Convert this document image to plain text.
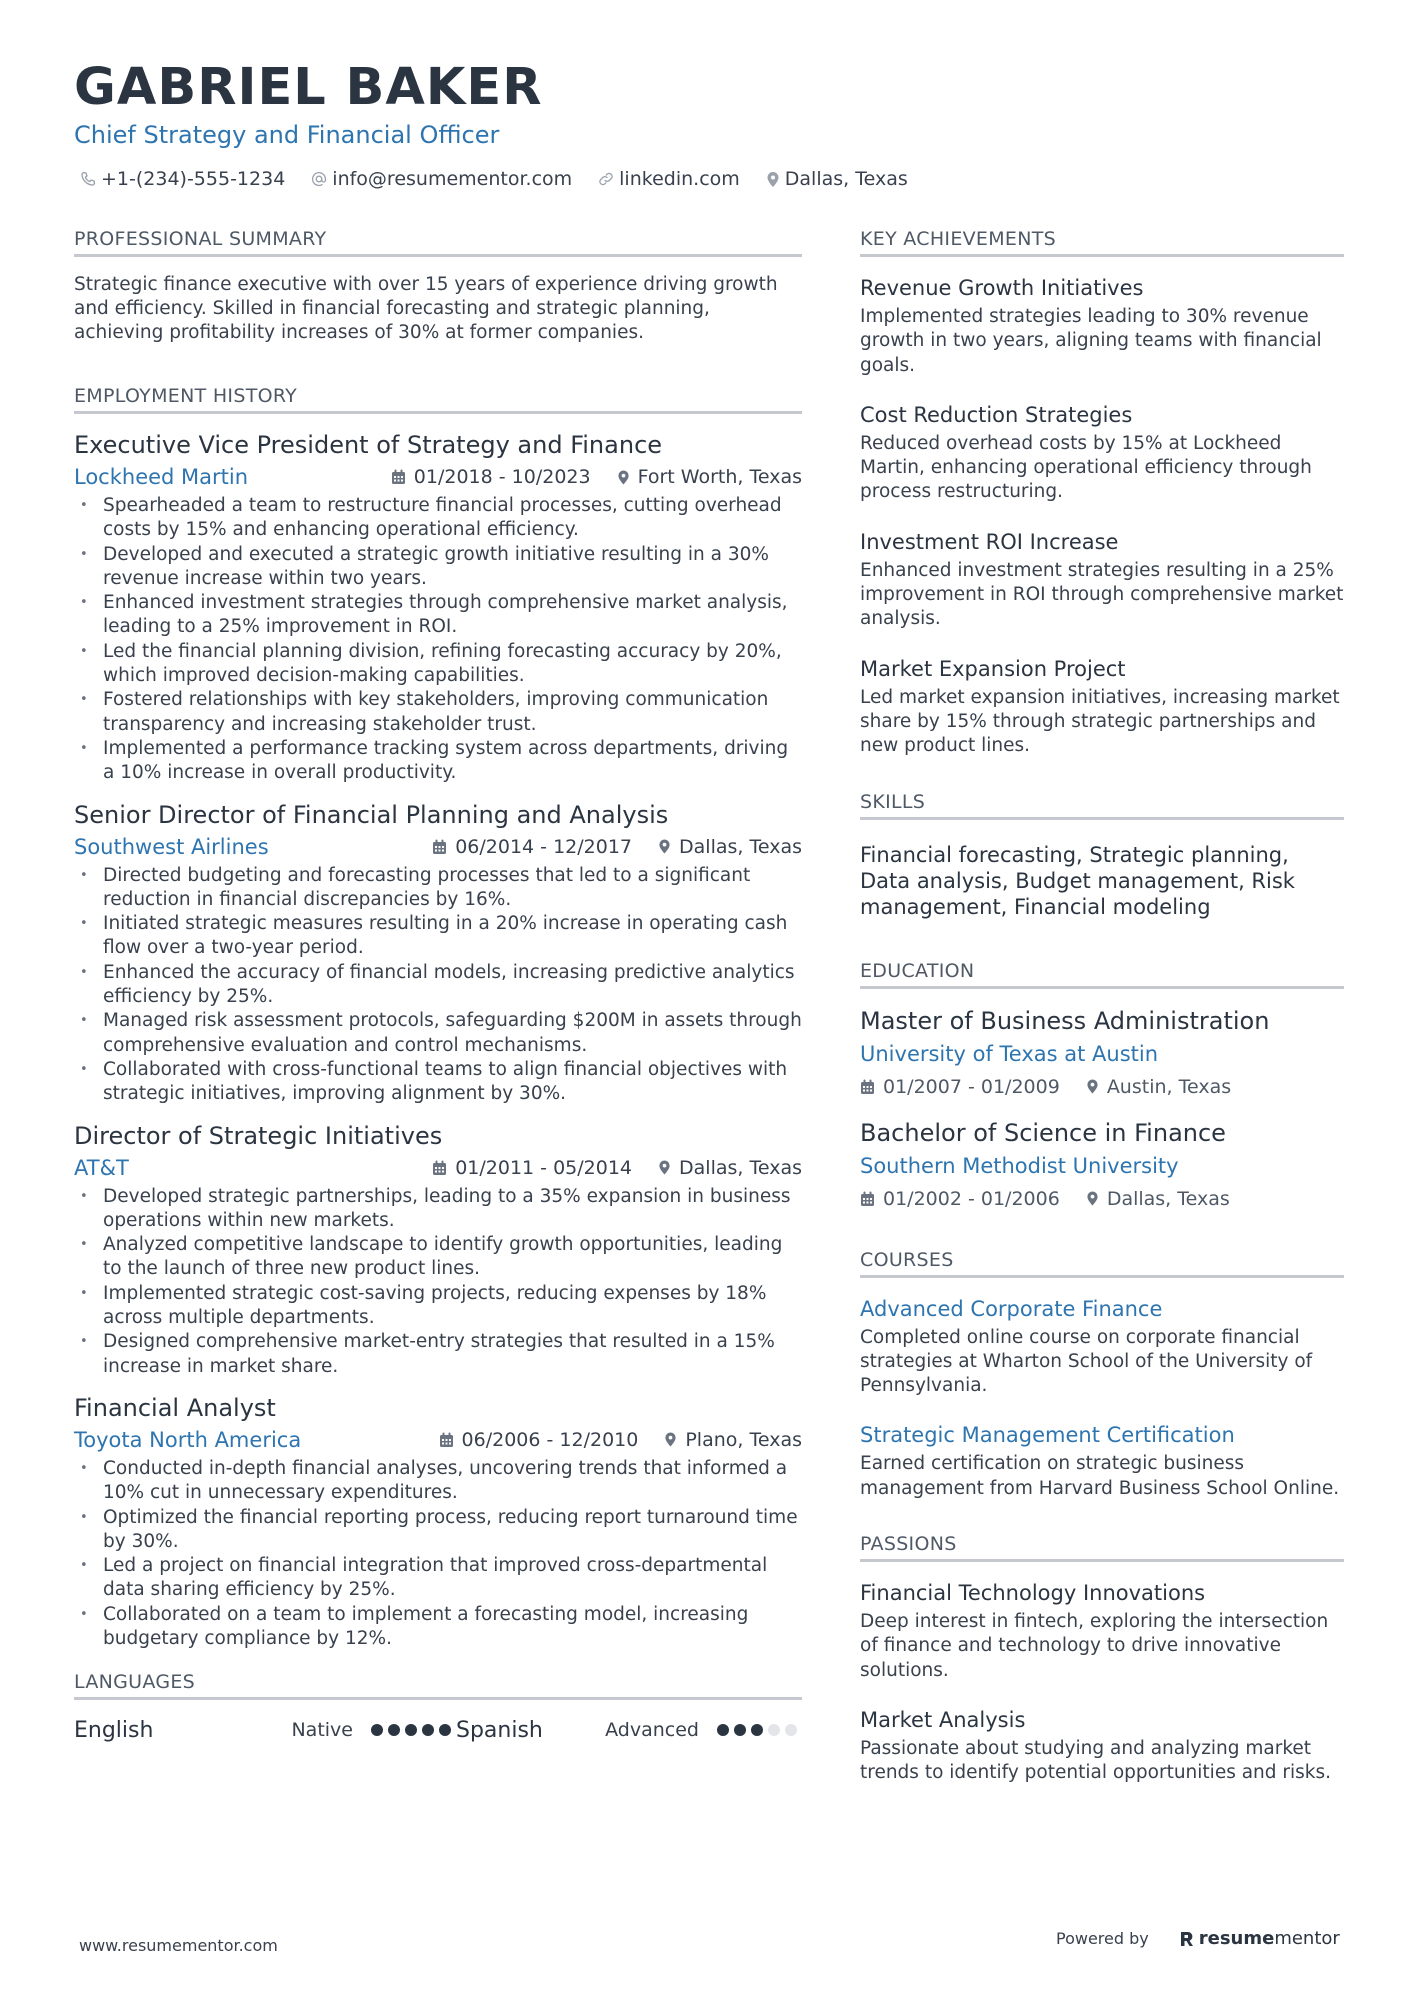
GABRIEL BAKER
Chief Strategy and Financial Officer
+1-(234)-555-1234 info@resumementor.com linkedin.com Dallas, Texas
PROFESSIONAL SUMMARY
Strategic finance executive with over 15 years of experience driving growth and efficiency. Skilled in financial forecasting and strategic planning, achieving profitability increases of 30% at former companies.
EMPLOYMENT HISTORY
Executive Vice President of Strategy and Finance
Lockheed Martin	01/2018 - 10/2023 Fort Worth, Texas
• Spearheaded a team to restructure financial processes, cutting overhead costs by 15% and enhancing operational efficiency.
• Developed and executed a strategic growth initiative resulting in a 30% revenue increase within two years.
• Enhanced investment strategies through comprehensive market analysis, leading to a 25% improvement in ROI.
• Led the financial planning division, refining forecasting accuracy by 20%, which improved decision-making capabilities.
• Fostered relationships with key stakeholders, improving communication transparency and increasing stakeholder trust.
• Implemented a performance tracking system across departments, driving a 10% increase in overall productivity.
Senior Director of Financial Planning and Analysis
Southwest Airlines	06/2014 - 12/2017 Dallas, Texas
• Directed budgeting and forecasting processes that led to a significant reduction in financial discrepancies by 16%.
• Initiated strategic measures resulting in a 20% increase in operating cash flow over a two-year period.
• Enhanced the accuracy of financial models, increasing predictive analytics efficiency by 25%.
• Managed risk assessment protocols, safeguarding $200M in assets through comprehensive evaluation and control mechanisms.
• Collaborated with cross-functional teams to align financial objectives with strategic initiatives, improving alignment by 30%.
Director of Strategic Initiatives
AT&T	01/2011 - 05/2014 Dallas, Texas
• Developed strategic partnerships, leading to a 35% expansion in business operations within new markets.
• Analyzed competitive landscape to identify growth opportunities, leading to the launch of three new product lines.
• Implemented strategic cost-saving projects, reducing expenses by 18% across multiple departments.
• Designed comprehensive market-entry strategies that resulted in a 15% increase in market share.
Financial Analyst
Toyota North America	06/2006 - 12/2010 Plano, Texas
• Conducted in-depth financial analyses, uncovering trends that informed a 10% cut in unnecessary expenditures.
• Optimized the financial reporting process, reducing report turnaround time by 30%.
• Led a project on financial integration that improved cross-departmental data sharing efficiency by 25%.
• Collaborated on a team to implement a forecasting model, increasing budgetary compliance by 12%.
LANGUAGES
English	Native	Spanish	Advanced
KEY ACHIEVEMENTS
Revenue Growth Initiatives
Implemented strategies leading to 30% revenue growth in two years, aligning teams with financial goals.
Cost Reduction Strategies
Reduced overhead costs by 15% at Lockheed Martin, enhancing operational efficiency through process restructuring.
Investment ROI Increase
Enhanced investment strategies resulting in a 25% improvement in ROI through comprehensive market analysis.
Market Expansion Project
Led market expansion initiatives, increasing market share by 15% through strategic partnerships and new product lines.
SKILLS
Financial forecasting, Strategic planning, Data analysis, Budget management, Risk management, Financial modeling
EDUCATION
Master of Business Administration
University of Texas at Austin
01/2007 - 01/2009 Austin, Texas
Bachelor of Science in Finance
Southern Methodist University
01/2002 - 01/2006 Dallas, Texas
COURSES
Advanced Corporate Finance
Completed online course on corporate financial strategies at Wharton School of the University of Pennsylvania.
Strategic Management Certification
Earned certification on strategic business management from Harvard Business School Online.
PASSIONS
Financial Technology Innovations
Deep interest in fintech, exploring the intersection of finance and technology to drive innovative solutions.
Market Analysis
Passionate about studying and analyzing market trends to identify potential opportunities and risks.
www.resumementor.com	Powered by	resume mentor
